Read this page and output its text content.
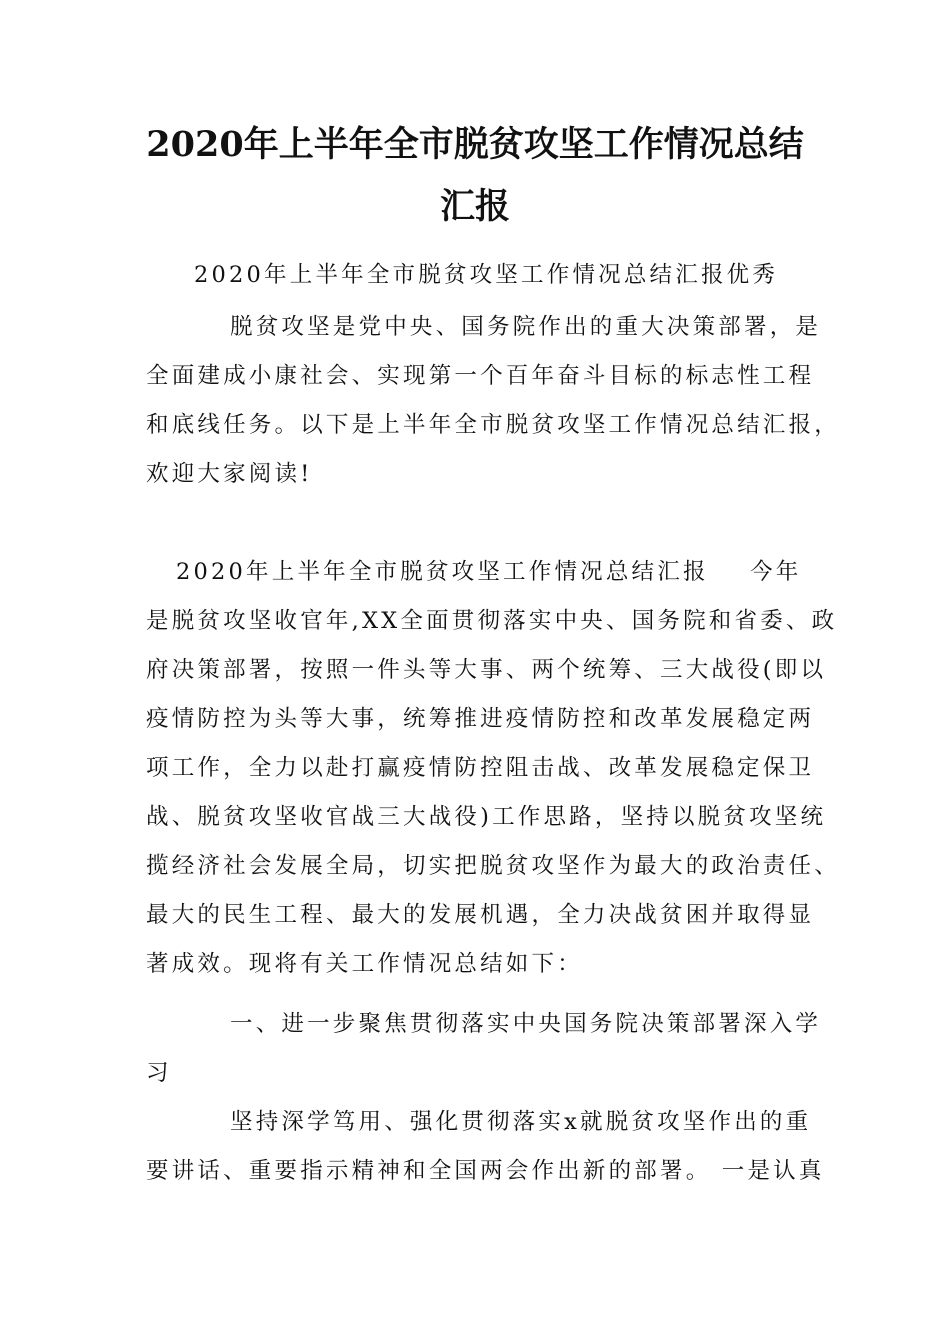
2020年上半年全市脱贫攻坚工作情况总结
汇报

2020年上半年全市脱贫攻坚工作情况总结汇报优秀

脱贫攻坚是党中央、国务院作出的重大决策部署，是

全面建成小康社会、实现第一个百年奋斗目标的标志性工程

和底线任务。以下是上半年全市脱贫攻坚工作情况总结汇报，

欢迎大家阅读!

2020年上半年全市脱贫攻坚工作情况总结汇报    今年

是脱贫攻坚收官年,XX全面贯彻落实中央、国务院和省委、政

府决策部署，按照一件头等大事、两个统筹、三大战役(即以

疫情防控为头等大事，统筹推进疫情防控和改革发展稳定两

项工作，全力以赴打赢疫情防控阻击战、改革发展稳定保卫

战、脱贫攻坚收官战三大战役)工作思路，坚持以脱贫攻坚统

揽经济社会发展全局，切实把脱贫攻坚作为最大的政治责任、

最大的民生工程、最大的发展机遇，全力决战贫困并取得显

著成效。现将有关工作情况总结如下：

一、进一步聚焦贯彻落实中央国务院决策部署深入学

习

坚持深学笃用、强化贯彻落实x就脱贫攻坚作出的重

要讲话、重要指示精神和全国两会作出新的部署。 一是认真
